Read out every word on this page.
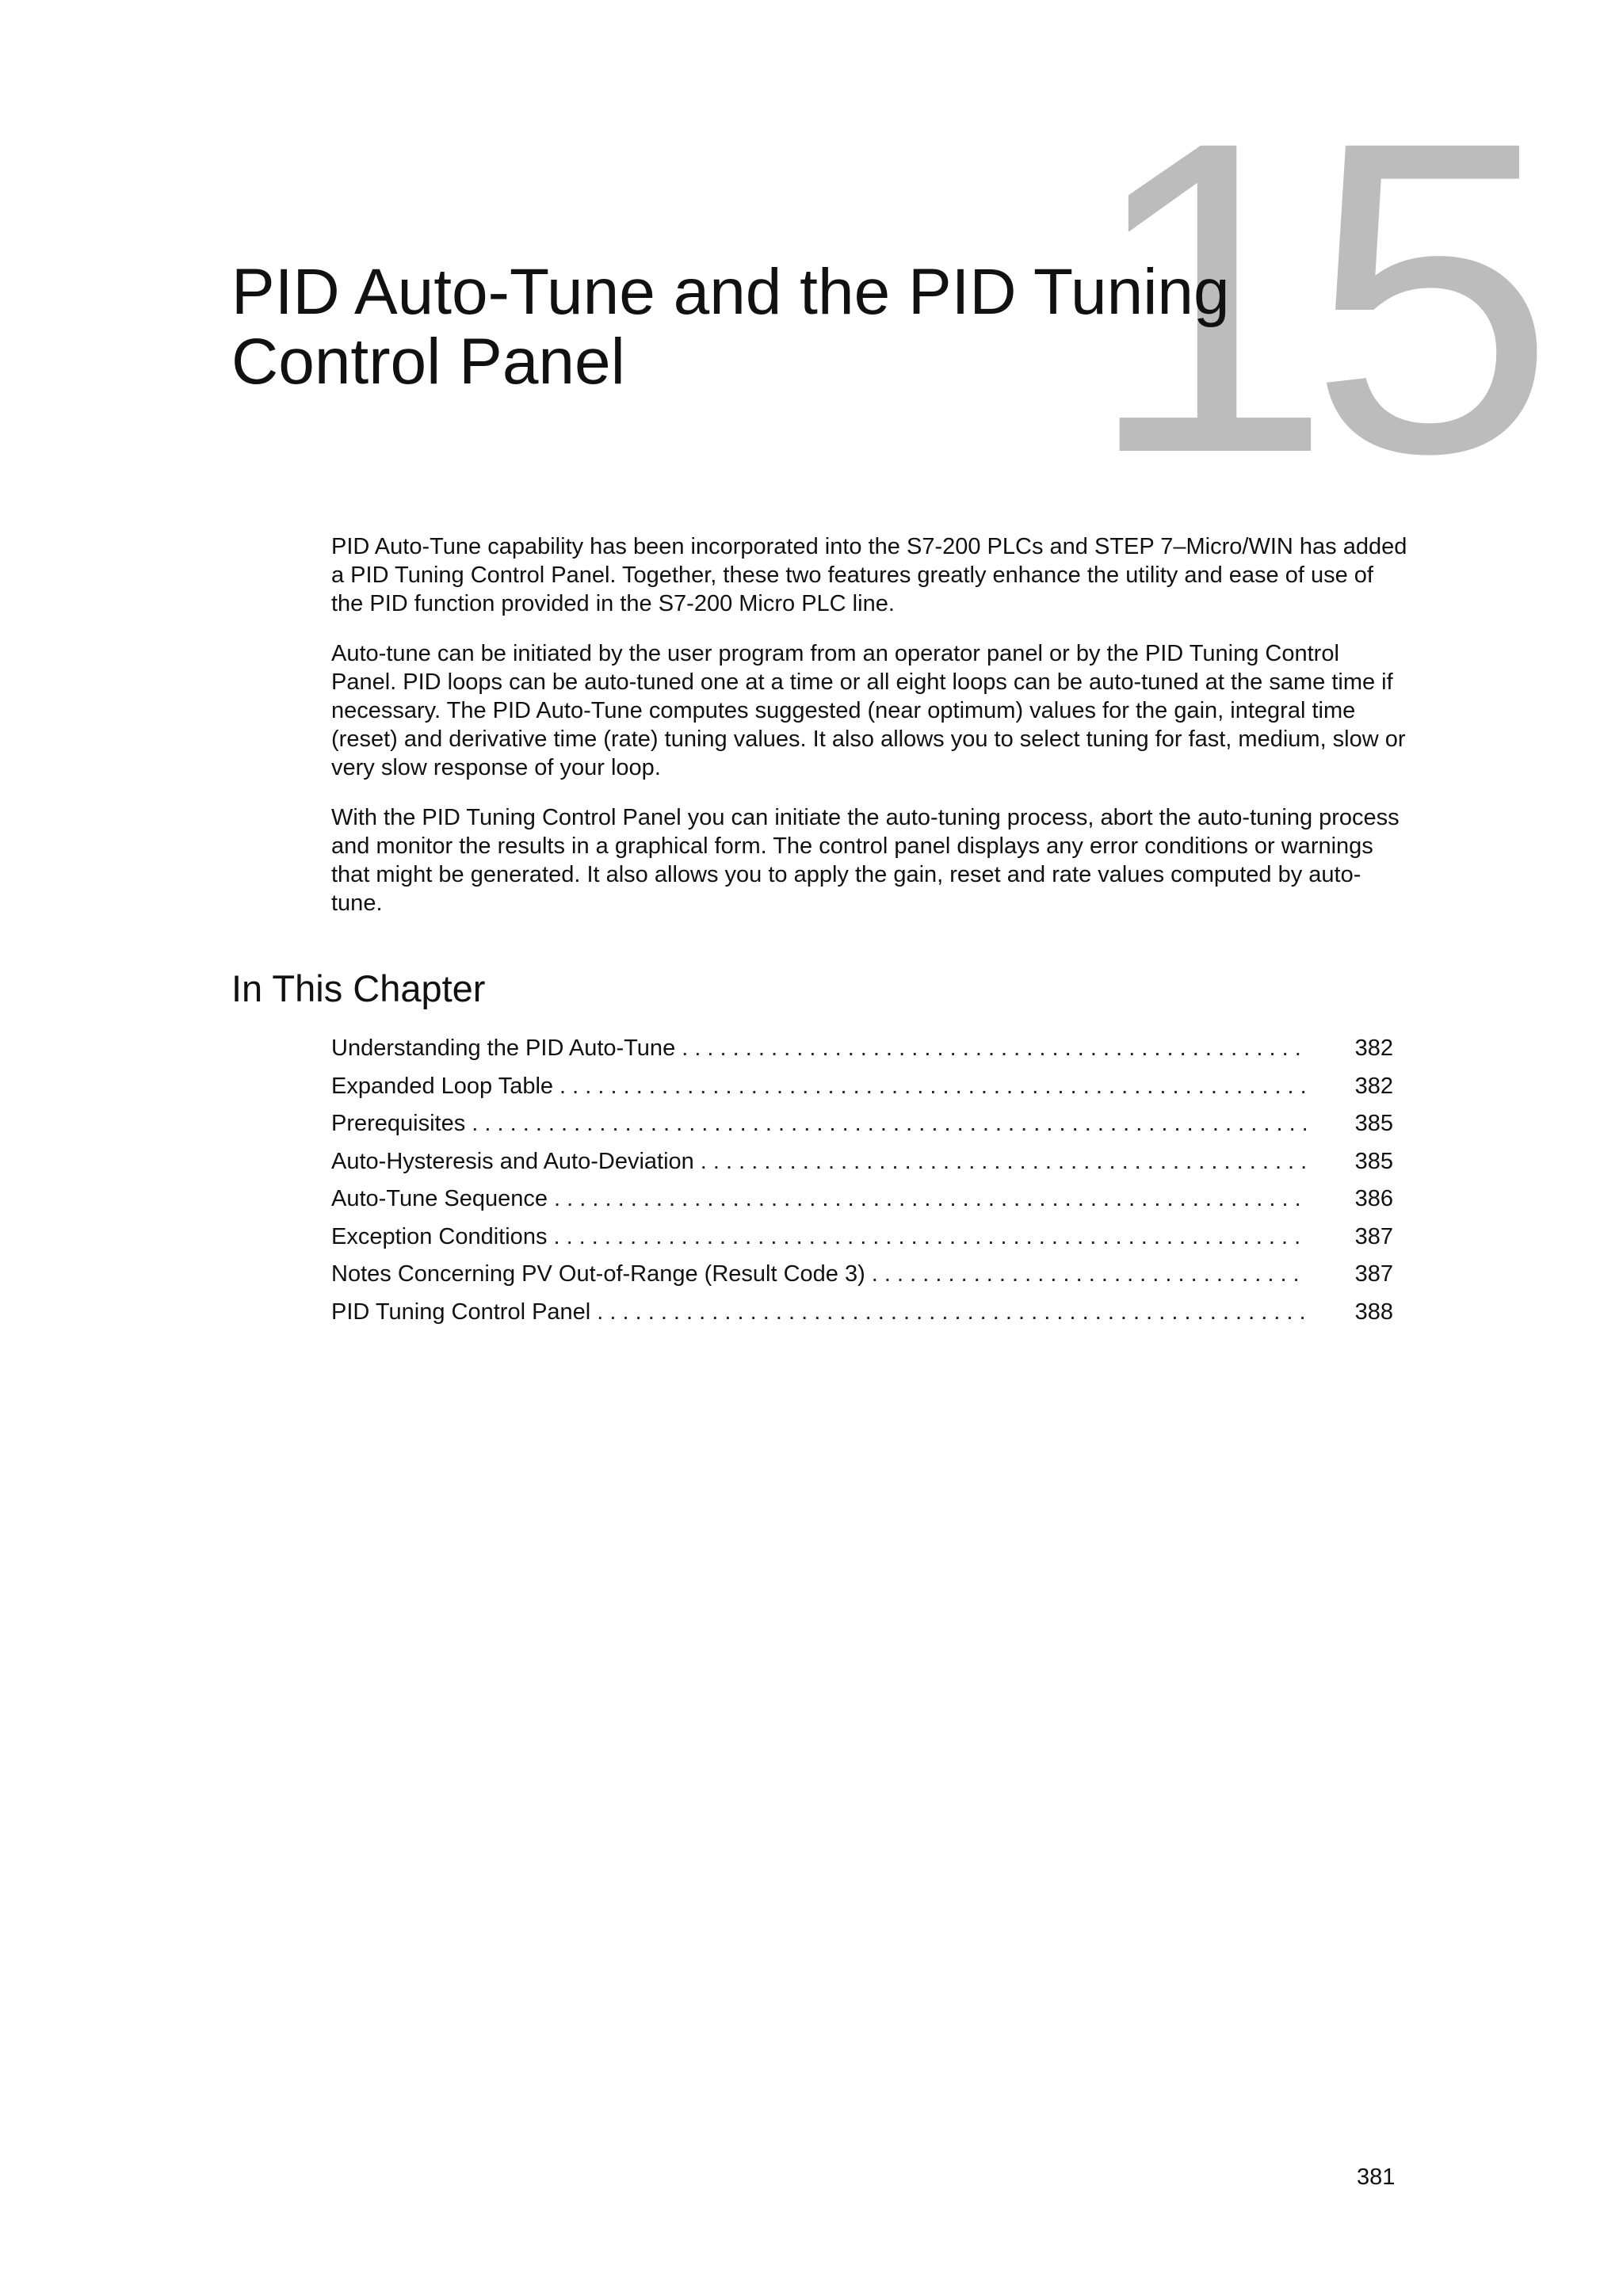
15
PID Auto-Tune and the PID Tuning
Control Panel

PID Auto-Tune capability has been incorporated into the S7-200 PLCs and STEP 7–Micro/WIN has added a PID Tuning Control Panel. Together, these two features greatly enhance the utility and ease of use of the PID function provided in the S7-200 Micro PLC line.

Auto-tune can be initiated by the user program from an operator panel or by the PID Tuning Control Panel. PID loops can be auto-tuned one at a time or all eight loops can be auto-tuned at the same time if necessary. The PID Auto-Tune computes suggested (near optimum) values for the gain, integral time (reset) and derivative time (rate) tuning values. It also allows you to select tuning for fast, medium, slow or very slow response of your loop.

With the PID Tuning Control Panel you can initiate the auto-tuning process, abort the auto-tuning process and monitor the results in a graphical form. The control panel displays any error conditions or warnings that might be generated. It also allows you to apply the gain, reset and rate values computed by auto-tune.

In This Chapter
Understanding the PID Auto-Tune . . .	382
Expanded Loop Table . . .	382
Prerequisites . . .	385
Auto-Hysteresis and Auto-Deviation . . .	385
Auto-Tune Sequence . . .	386
Exception Conditions . . .	387
Notes Concerning PV Out-of-Range (Result Code 3) . . .	387
PID Tuning Control Panel . . .	388
381
